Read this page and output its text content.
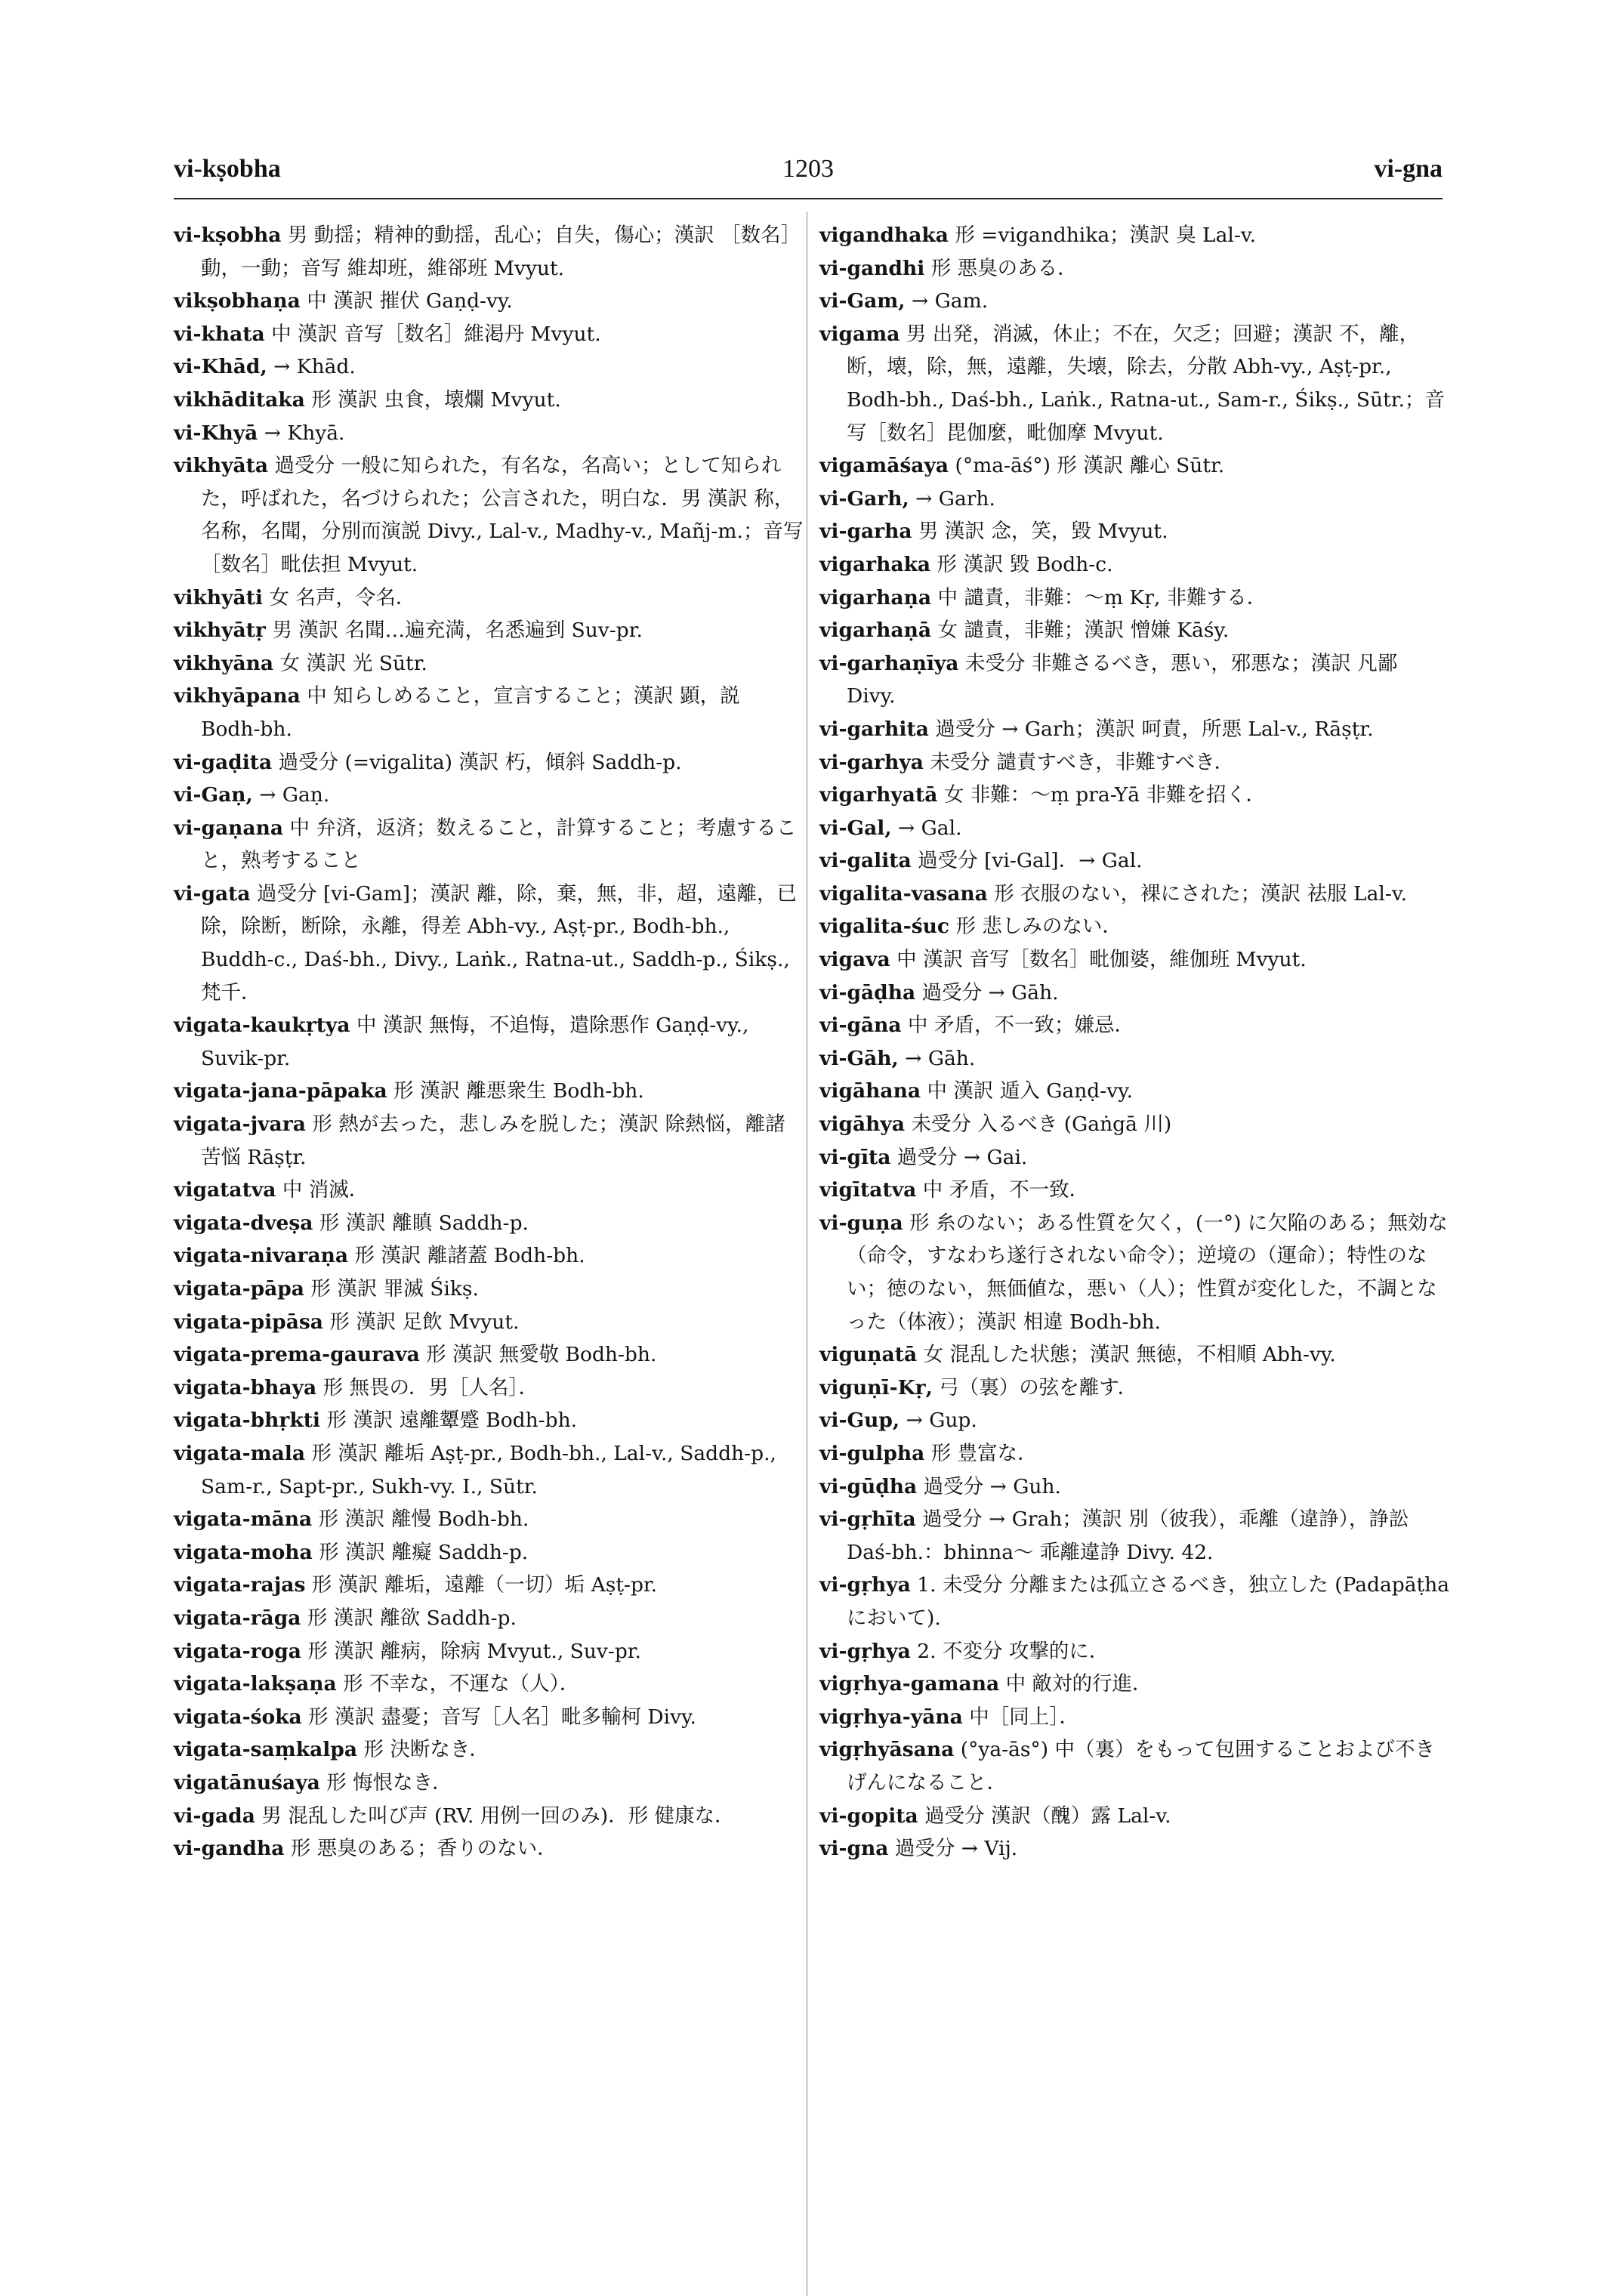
vi-kṣobha	1203	vi-gna

vi-kṣobha 男 動揺；精神的動揺，乱心；自失，傷心；漢訳 ［数名］動，一動；音写 維却班，維郤班 Mvyut.

vikṣobhaṇa 中 漢訳 摧伏 Gaṇḍ-vy.

vi-khata 中 漢訳 音写［数名］維渇丹 Mvyut.

vi-Khād, → Khād.

vikhāditaka 形 漢訳 虫食，壊爛 Mvyut.

vi-Khyā → Khyā.

vikhyāta 過受分 一般に知られた，有名な，名高い；として知られた，呼ばれた，名づけられた；公言された，明白な．男 漢訳 称，名称，名聞，分別而演説 Divy., Lal-v., Madhy-v., Mañj-m.；音写［数名］毗佉担 Mvyut.

vikhyāti 女 名声，令名．

vikhyātṛ 男 漢訳 名聞…遍充満，名悉遍到 Suv-pr.

vikhyāna 女 漢訳 光 Sūtr.

vikhyāpana 中 知らしめること，宣言すること；漢訳 顕，説 Bodh-bh.

vi-gaḍita 過受分 (=vigalita) 漢訳 朽，傾斜 Saddh-p.

vi-Gaṇ, → Gaṇ.

vi-gaṇana 中 弁済，返済；数えること，計算すること；考慮すること，熟考すること

vi-gata 過受分 [vi-Gam]；漢訳 離，除，棄，無，非，超，遠離，已除，除断，断除，永離，得差 Abh-vy., Aṣṭ-pr., Bodh-bh., Buddh-c., Daś-bh., Divy., Laṅk., Ratna-ut., Saddh-p., Śikṣ., 梵千．

vigata-kaukṛtya 中 漢訳 無悔，不追悔，遣除悪作 Gaṇḍ-vy., Suvik-pr.

vigata-jana-pāpaka 形 漢訳 離悪衆生 Bodh-bh.

vigata-jvara 形 熱が去った，悲しみを脱した；漢訳 除熱悩，離諸苦悩 Rāṣṭr.

vigatatva 中 消滅．

vigata-dveṣa 形 漢訳 離瞋 Saddh-p.

vigata-nivaraṇa 形 漢訳 離諸蓋 Bodh-bh.

vigata-pāpa 形 漢訳 罪滅 Śikṣ.

vigata-pipāsa 形 漢訳 足飲 Mvyut.

vigata-prema-gaurava 形 漢訳 無愛敬 Bodh-bh.

vigata-bhaya 形 無畏の．男［人名］．

vigata-bhṛkti 形 漢訳 遠離顰蹙 Bodh-bh.

vigata-mala 形 漢訳 離垢 Aṣṭ-pr., Bodh-bh., Lal-v., Saddh-p., Sam-r., Sapt-pr., Sukh-vy. I., Sūtr.

vigata-māna 形 漢訳 離慢 Bodh-bh.

vigata-moha 形 漢訳 離癡 Saddh-p.

vigata-rajas 形 漢訳 離垢，遠離（一切）垢 Aṣṭ-pr.

vigata-rāga 形 漢訳 離欲 Saddh-p.

vigata-roga 形 漢訳 離病，除病 Mvyut., Suv-pr.

vigata-lakṣaṇa 形 不幸な，不運な（人）．

vigata-śoka 形 漢訳 盡憂；音写［人名］毗多輸柯 Divy.

vigata-saṃkalpa 形 決断なき．

vigatānuśaya 形 悔恨なき．

vi-gada 男 混乱した叫び声 (RV. 用例一回のみ)．形 健康な．

vi-gandha 形 悪臭のある；香りのない．

vigandhaka 形 =vigandhika；漢訳 臭 Lal-v.

vi-gandhi 形 悪臭のある．

vi-Gam, → Gam.

vigama 男 出発，消滅，休止；不在，欠乏；回避；漢訳 不，離，断，壊，除，無，遠離，失壊，除去，分散 Abh-vy., Aṣṭ-pr., Bodh-bh., Daś-bh., Laṅk., Ratna-ut., Sam-r., Śikṣ., Sūtr.；音写［数名］毘伽麼，毗伽摩 Mvyut.

vigamāśaya (°ma-āś°) 形 漢訳 離心 Sūtr.

vi-Garh, → Garh.

vi-garha 男 漢訳 念，笑，毀 Mvyut.

vigarhaka 形 漢訳 毀 Bodh-c.

vigarhaṇa 中 譴責，非難：～ṃ Kṛ, 非難する．

vigarhaṇā 女 譴責，非難；漢訳 憎嫌 Kāśy.

vi-garhaṇīya 未受分 非難さるべき，悪い，邪悪な；漢訳 凡鄙 Divy.

vi-garhita 過受分 → Garh；漢訳 呵責，所悪 Lal-v., Rāṣṭr.

vi-garhya 未受分 譴責すべき，非難すべき．

vigarhyatā 女 非難：～ṃ pra-Yā 非難を招く．

vi-Gal, → Gal.

vi-galita 過受分 [vi-Gal]．→ Gal.

vigalita-vasana 形 衣服のない，裸にされた；漢訳 祛服 Lal-v.

vigalita-śuc 形 悲しみのない．

vigava 中 漢訳 音写［数名］毗伽婆，維伽班 Mvyut.

vi-gāḍha 過受分 → Gāh.

vi-gāna 中 矛盾，不一致；嫌忌．

vi-Gāh, → Gāh.

vigāhana 中 漢訳 遁入 Gaṇḍ-vy.

vigāhya 未受分 入るべき (Gaṅgā 川)

vi-gīta 過受分 → Gai.

vigītatva 中 矛盾，不一致．

vi-guṇa 形 糸のない；ある性質を欠く，(一°) に欠陥のある；無効な（命令，すなわち遂行されない命令）；逆境の（運命）；特性のない；徳のない，無価値な，悪い（人）；性質が変化した，不調となった（体液）；漢訳 相違 Bodh-bh.

viguṇatā 女 混乱した状態；漢訳 無徳，不相順 Abh-vy.

viguṇī-Kṛ, 弓（裏）の弦を離す．

vi-Gup, → Gup.

vi-gulpha 形 豊富な．

vi-gūḍha 過受分 → Guh.

vi-gṛhīta 過受分 → Grah；漢訳 別（彼我），乖離（違諍），諍訟 Daś-bh.：bhinna～ 乖離違諍 Divy. 42.

vi-gṛhya 1. 未受分 分離または孤立さるべき，独立した (Padapāṭha において).

vi-gṛhya 2. 不変分 攻撃的に．

vigṛhya-gamana 中 敵対的行進．

vigṛhya-yāna 中［同上］．

vigṛhyāsana (°ya-ās°) 中（裏）をもって包囲することおよび不きげんになること．

vi-gopita 過受分 漢訳（醜）露 Lal-v.

vi-gna 過受分 → Vij.
